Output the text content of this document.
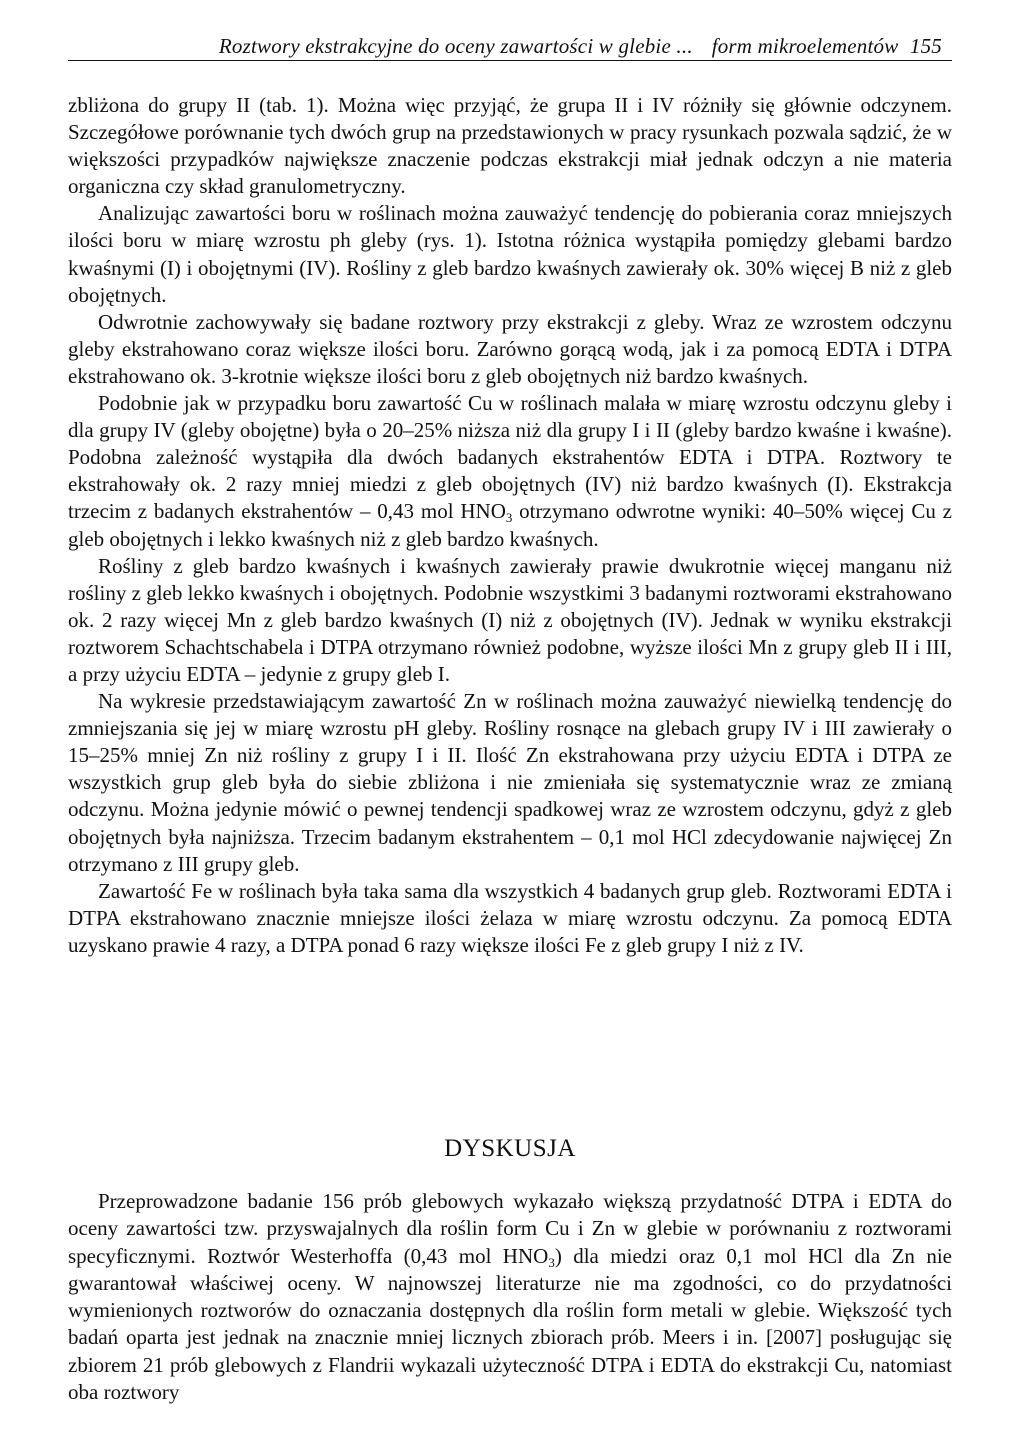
Roztwory ekstrakcyjne do oceny zawartości w glebie ... form mikroelementów 155

zbliżona do grupy II (tab. 1). Można więc przyjąć, że grupa II i IV różniły się głównie odczynem. Szczegółowe porównanie tych dwóch grup na przedstawionych w pracy rysunkach pozwala sądzić, że w większości przypadków największe znaczenie podczas ekstrakcji miał jednak odczyn a nie materia organiczna czy skład granulometryczny.

Analizując zawartości boru w roślinach można zauważyć tendencję do pobierania coraz mniejszych ilości boru w miarę wzrostu ph gleby (rys. 1). Istotna różnica wystąpiła pomiędzy glebami bardzo kwaśnymi (I) i obojętnymi (IV). Rośliny z gleb bardzo kwaśnych zawierały ok. 30% więcej B niż z gleb obojętnych.

Odwrotnie zachowywały się badane roztwory przy ekstrakcji z gleby. Wraz ze wzrostem odczynu gleby ekstrahowano coraz większe ilości boru. Zarówno gorącą wodą, jak i za pomocą EDTA i DTPA ekstrahowano ok. 3-krotnie większe ilości boru z gleb obojętnych niż bardzo kwaśnych.

Podobnie jak w przypadku boru zawartość Cu w roślinach malała w miarę wzrostu odczynu gleby i dla grupy IV (gleby obojętne) była o 20–25% niższa niż dla grupy I i II (gleby bardzo kwaśne i kwaśne). Podobna zależność wystąpiła dla dwóch badanych ekstrahentów EDTA i DTPA. Roztwory te ekstrahowały ok. 2 razy mniej miedzi z gleb obojętnych (IV) niż bardzo kwaśnych (I). Ekstrakcja trzecim z badanych ekstrahentów – 0,43 mol $HNO_3$ otrzymano odwrotne wyniki: 40–50% więcej Cu z gleb obojętnych i lekko kwaśnych niż z gleb bardzo kwaśnych.

Rośliny z gleb bardzo kwaśnych i kwaśnych zawierały prawie dwukrotnie więcej manganu niż rośliny z gleb lekko kwaśnych i obojętnych. Podobnie wszystkimi 3 badanymi roztworami ekstrahowano ok. 2 razy więcej Mn z gleb bardzo kwaśnych (I) niż z obojętnych (IV). Jednak w wyniku ekstrakcji roztworem Schachtschabela i DTPA otrzymano również podobne, wyższe ilości Mn z grupy gleb II i III, a przy użyciu EDTA – jedynie z grupy gleb I.

Na wykresie przedstawiającym zawartość Zn w roślinach można zauważyć niewielką tendencję do zmniejszania się jej w miarę wzrostu pH gleby. Rośliny rosnące na glebach grupy IV i III zawierały o 15–25% mniej Zn niż rośliny z grupy I i II. Ilość Zn ekstrahowana przy użyciu EDTA i DTPA ze wszystkich grup gleb była do siebie zbliżona i nie zmieniała się systematycznie wraz ze zmianą odczynu. Można jedynie mówić o pewnej tendencji spadkowej wraz ze wzrostem odczynu, gdyż z gleb obojętnych była najniższa. Trzecim badanym ekstrahentem – 0,1 mol HCl zdecydowanie najwięcej Zn otrzymano z III grupy gleb.

Zawartość Fe w roślinach była taka sama dla wszystkich 4 badanych grup gleb. Roztworami EDTA i DTPA ekstrahowano znacznie mniejsze ilości żelaza w miarę wzrostu odczynu. Za pomocą EDTA uzyskano prawie 4 razy, a DTPA ponad 6 razy większe ilości Fe z gleb grupy I niż z IV.

DYSKUSJA

Przeprowadzone badanie 156 prób glebowych wykazało większą przydatność DTPA i EDTA do oceny zawartości tzw. przyswajalnych dla roślin form Cu i Zn w glebie w porównaniu z roztworami specyficznymi. Roztwór Westerhoffa (0,43 mol $HNO_3$) dla miedzi oraz 0,1 mol HCl dla Zn nie gwarantował właściwej oceny. W najnowszej literaturze nie ma zgodności, co do przydatności wymienionych roztworów do oznaczania dostępnych dla roślin form metali w glebie. Większość tych badań oparta jest jednak na znacznie mniej licznych zbiorach prób. Meers i in. [2007] posługując się zbiorem 21 prób glebowych z Flandrii wykazali użyteczność DTPA i EDTA do ekstrakcji Cu, natomiast oba roztwory
